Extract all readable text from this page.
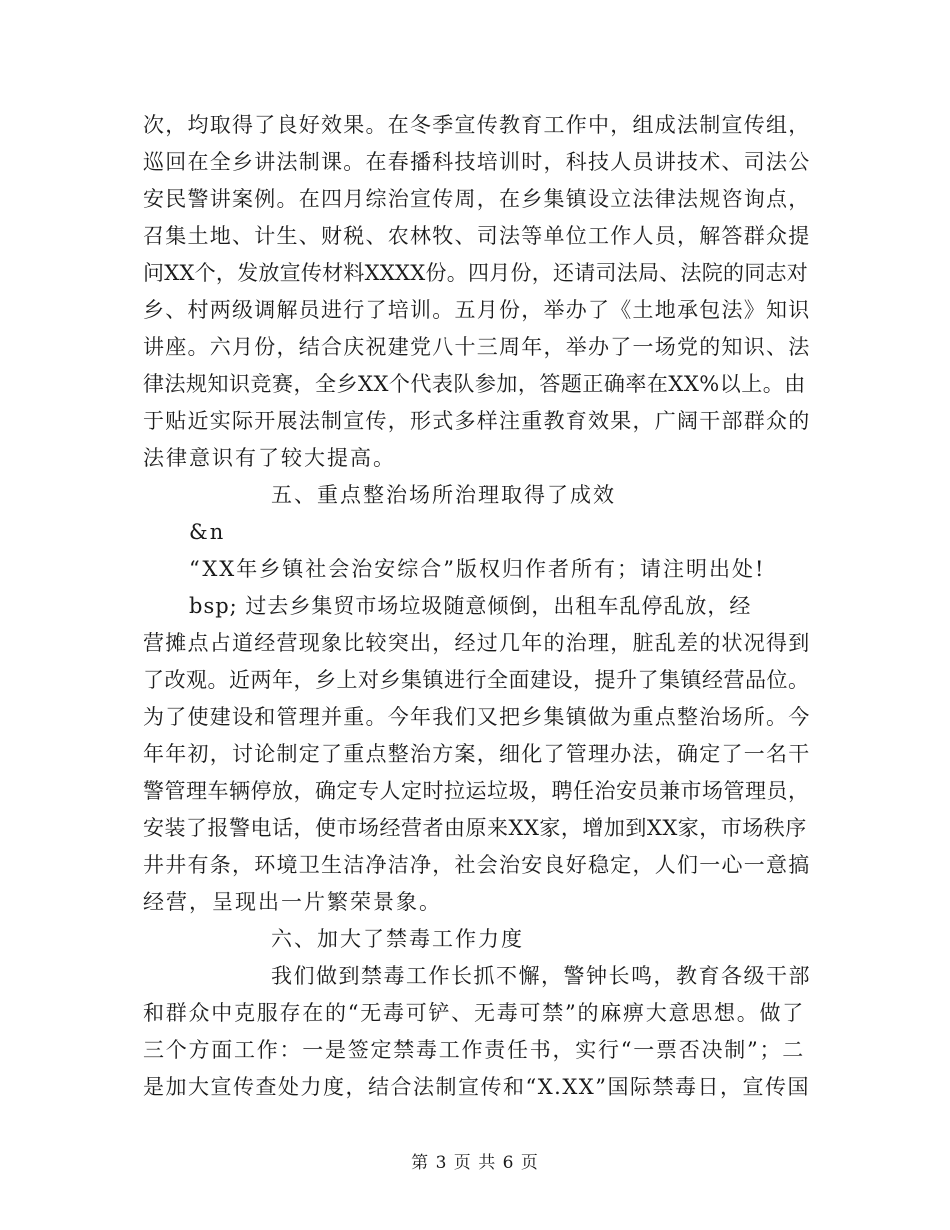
次，均取得了良好效果。在冬季宣传教育工作中，组成法制宣传组，
巡回在全乡讲法制课。在春播科技培训时，科技人员讲技术、司法公
安民警讲案例。在四月综治宣传周，在乡集镇设立法律法规咨询点，
召集土地、计生、财税、农林牧、司法等单位工作人员，解答群众提
问XX个，发放宣传材料XXXX份。四月份，还请司法局、法院的同志对
乡、村两级调解员进行了培训。五月份，举办了《土地承包法》知识
讲座。六月份，结合庆祝建党八十三周年，举办了一场党的知识、法
律法规知识竞赛，全乡XX个代表队参加，答题正确率在XX%以上。由
于贴近实际开展法制宣传，形式多样注重教育效果，广阔干部群众的
法律意识有了较大提高。
五、重点整治场所治理取得了成效
&n
“XX年乡镇社会治安综合”版权归作者所有；请注明出处!
bsp; 过去乡集贸市场垃圾随意倾倒，出租车乱停乱放，经
营摊点占道经营现象比较突出，经过几年的治理，脏乱差的状况得到
了改观。近两年，乡上对乡集镇进行全面建设，提升了集镇经营品位。
为了使建设和管理并重。今年我们又把乡集镇做为重点整治场所。今
年年初，讨论制定了重点整治方案，细化了管理办法，确定了一名干
警管理车辆停放，确定专人定时拉运垃圾，聘任治安员兼市场管理员，
安装了报警电话，使市场经营者由原来XX家，增加到XX家，市场秩序
井井有条，环境卫生洁净洁净，社会治安良好稳定，人们一心一意搞
经营，呈现出一片繁荣景象。
六、加大了禁毒工作力度
我们做到禁毒工作长抓不懈，警钟长鸣，教育各级干部
和群众中克服存在的“无毒可铲、无毒可禁”的麻痹大意思想。做了
三个方面工作：一是签定禁毒工作责任书，实行“一票否决制”；二
是加大宣传查处力度，结合法制宣传和“X.XX”国际禁毒日，宣传国
第 3 页 共 6 页
